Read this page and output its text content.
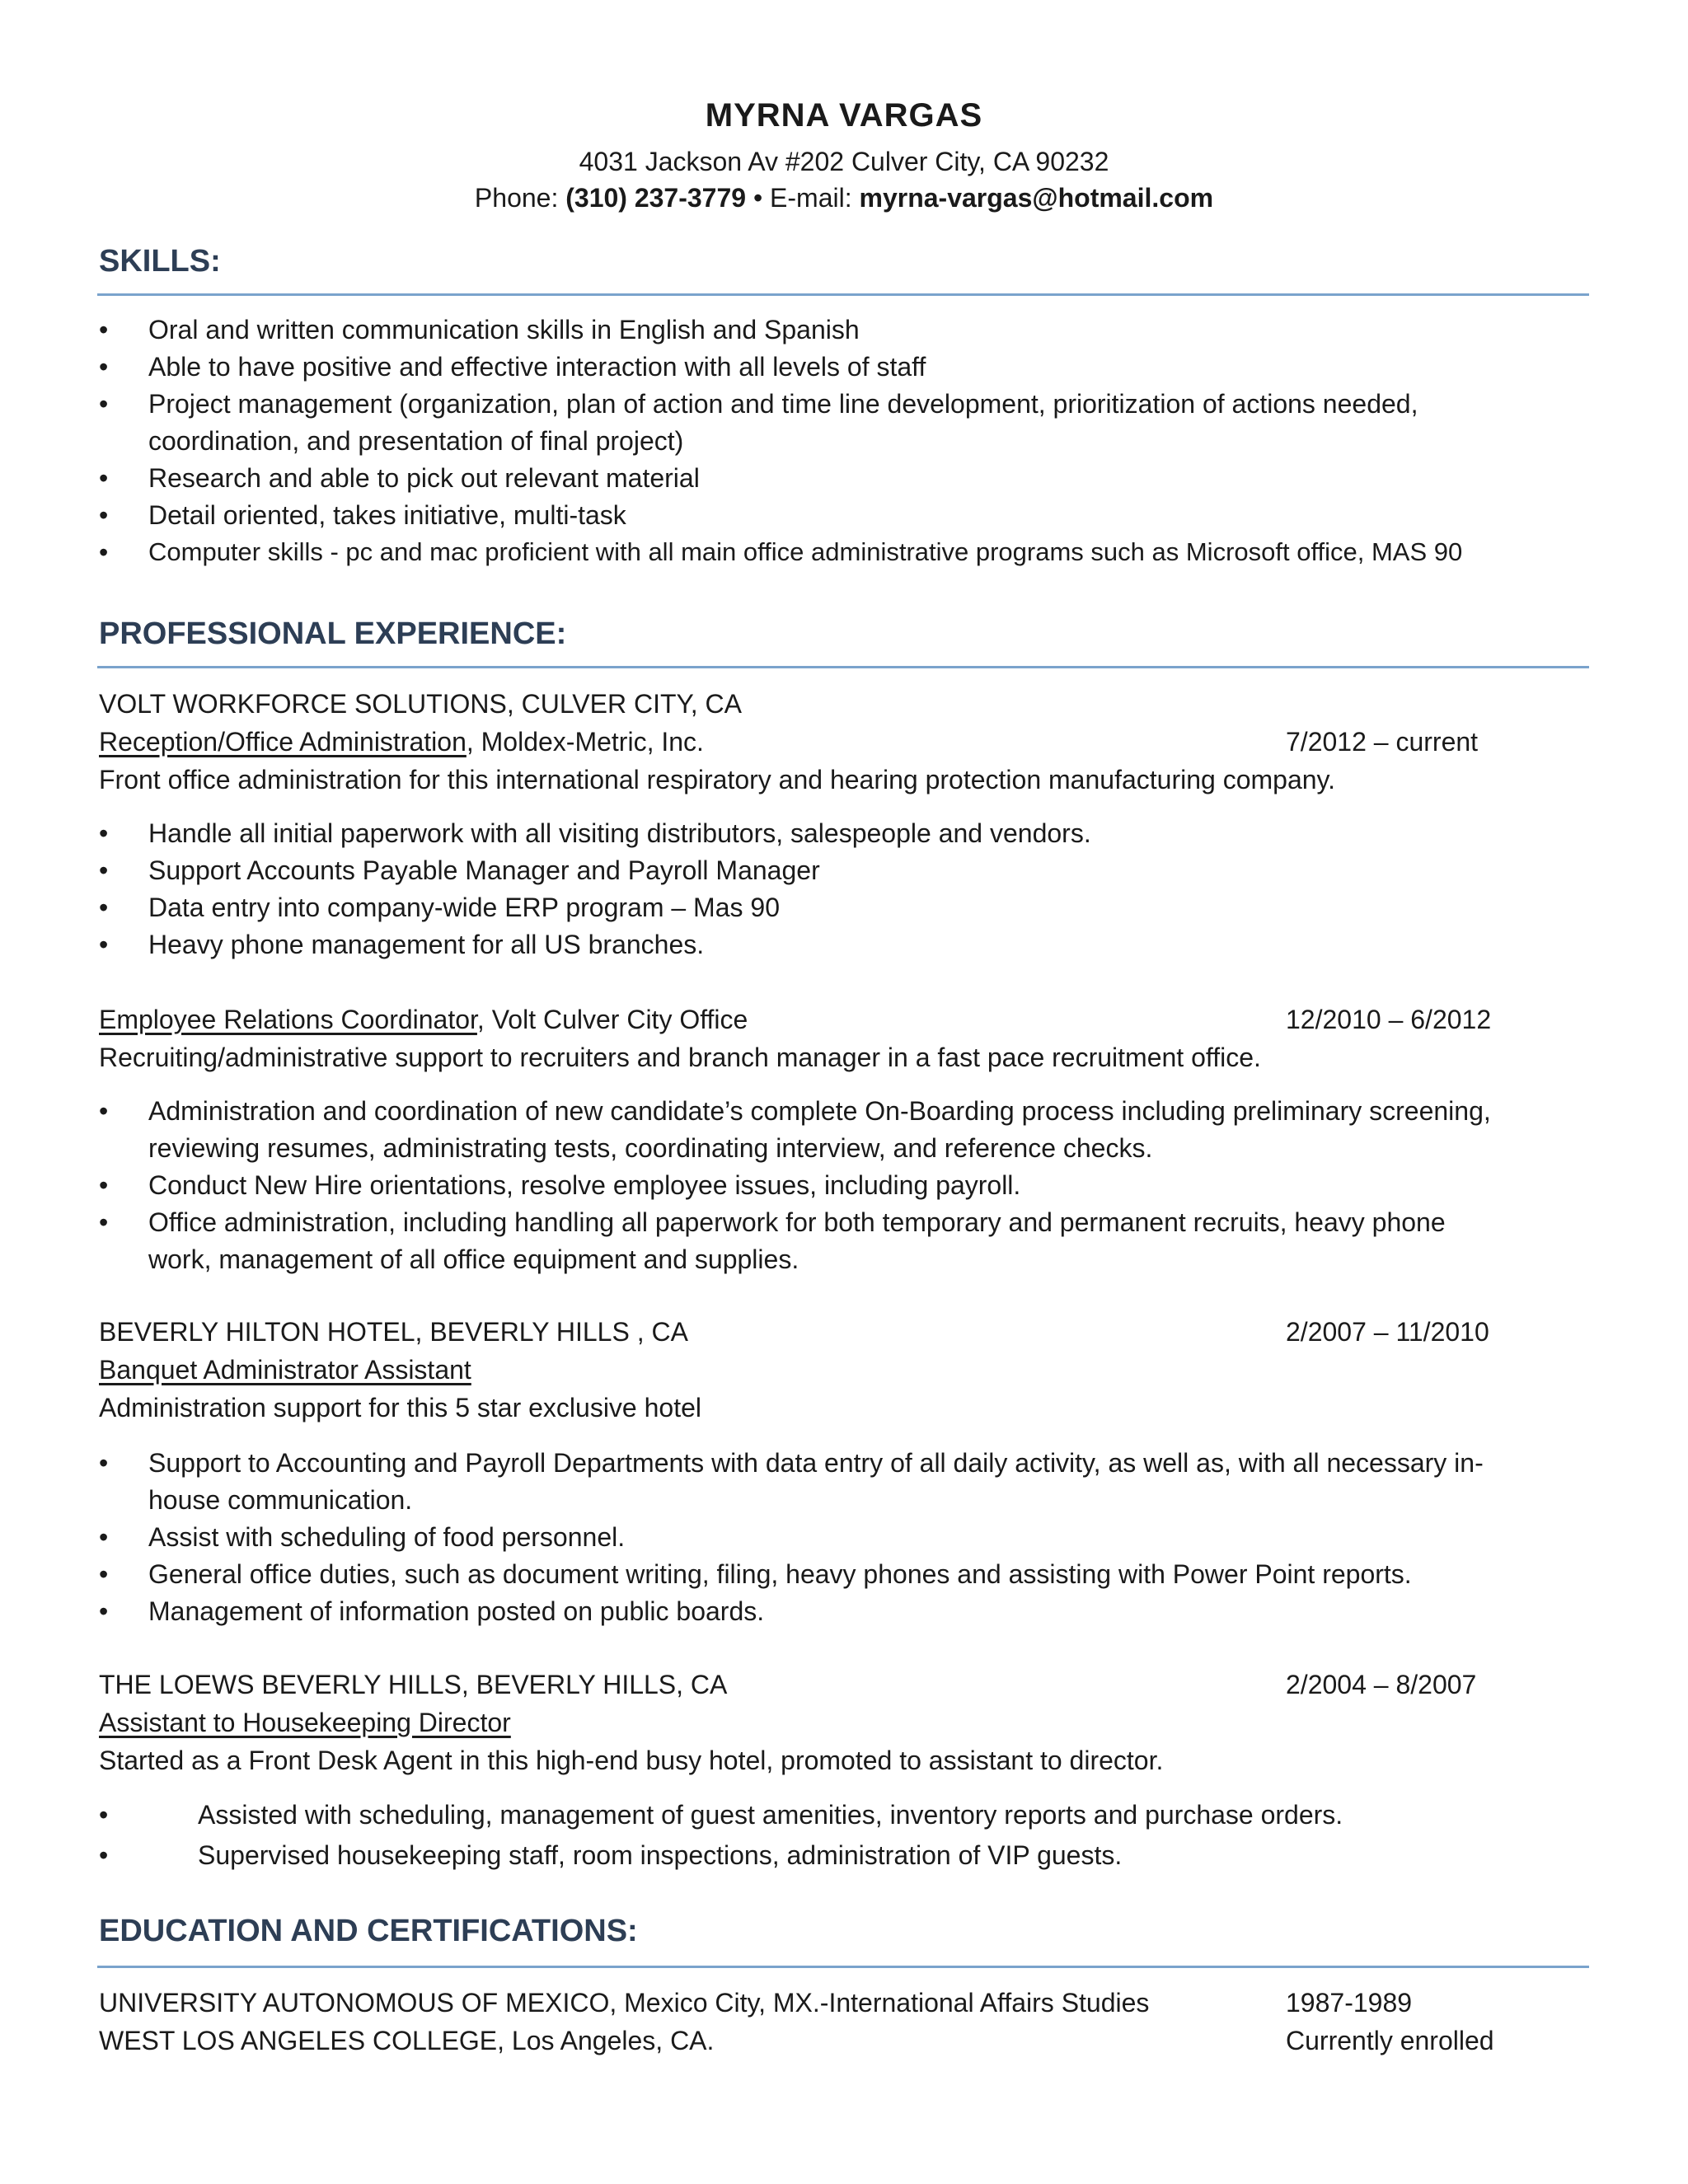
MYRNA VARGAS
4031 Jackson Av #202 Culver City, CA 90232
Phone: (310) 237-3779 • E-mail: myrna-vargas@hotmail.com
SKILLS:
• Oral and written communication skills in English and Spanish
• Able to have positive and effective interaction with all levels of staff
• Project management (organization, plan of action and time line development, prioritization of actions needed,
coordination, and presentation of final project)
• Research and able to pick out relevant material
• Detail oriented, takes initiative, multi-task
• Computer skills - pc and mac proficient with all main office administrative programs such as Microsoft office, MAS 90
PROFESSIONAL EXPERIENCE:
VOLT WORKFORCE SOLUTIONS, CULVER CITY, CA
Reception/Office Administration, Moldex-Metric, Inc.	7/2012 – current
Front office administration for this international respiratory and hearing protection manufacturing company.
• Handle all initial paperwork with all visiting distributors, salespeople and vendors.
• Support Accounts Payable Manager and Payroll Manager
• Data entry into company-wide ERP program – Mas 90
• Heavy phone management for all US branches.
Employee Relations Coordinator, Volt Culver City Office	12/2010 – 6/2012
Recruiting/administrative support to recruiters and branch manager in a fast pace recruitment office.
• Administration and coordination of new candidate’s complete On-Boarding process including preliminary screening,
reviewing resumes, administrating tests, coordinating interview, and reference checks.
• Conduct New Hire orientations, resolve employee issues, including payroll.
• Office administration, including handling all paperwork for both temporary and permanent recruits, heavy phone
work, management of all office equipment and supplies.
BEVERLY HILTON HOTEL, BEVERLY HILLS , CA	2/2007 – 11/2010
Banquet Administrator Assistant
Administration support for this 5 star exclusive hotel
• Support to Accounting and Payroll Departments with data entry of all daily activity, as well as, with all necessary in-
house communication.
• Assist with scheduling of food personnel.
• General office duties, such as document writing, filing, heavy phones and assisting with Power Point reports.
• Management of information posted on public boards.
THE LOEWS BEVERLY HILLS, BEVERLY HILLS, CA	2/2004 – 8/2007
Assistant to Housekeeping Director
Started as a Front Desk Agent in this high-end busy hotel, promoted to assistant to director.
•	Assisted with scheduling, management of guest amenities, inventory reports and purchase orders.
•	Supervised housekeeping staff, room inspections, administration of VIP guests.
EDUCATION AND CERTIFICATIONS:
UNIVERSITY AUTONOMOUS OF MEXICO, Mexico City, MX.-International Affairs Studies	1987-1989
WEST LOS ANGELES COLLEGE, Los Angeles, CA.	Currently enrolled
